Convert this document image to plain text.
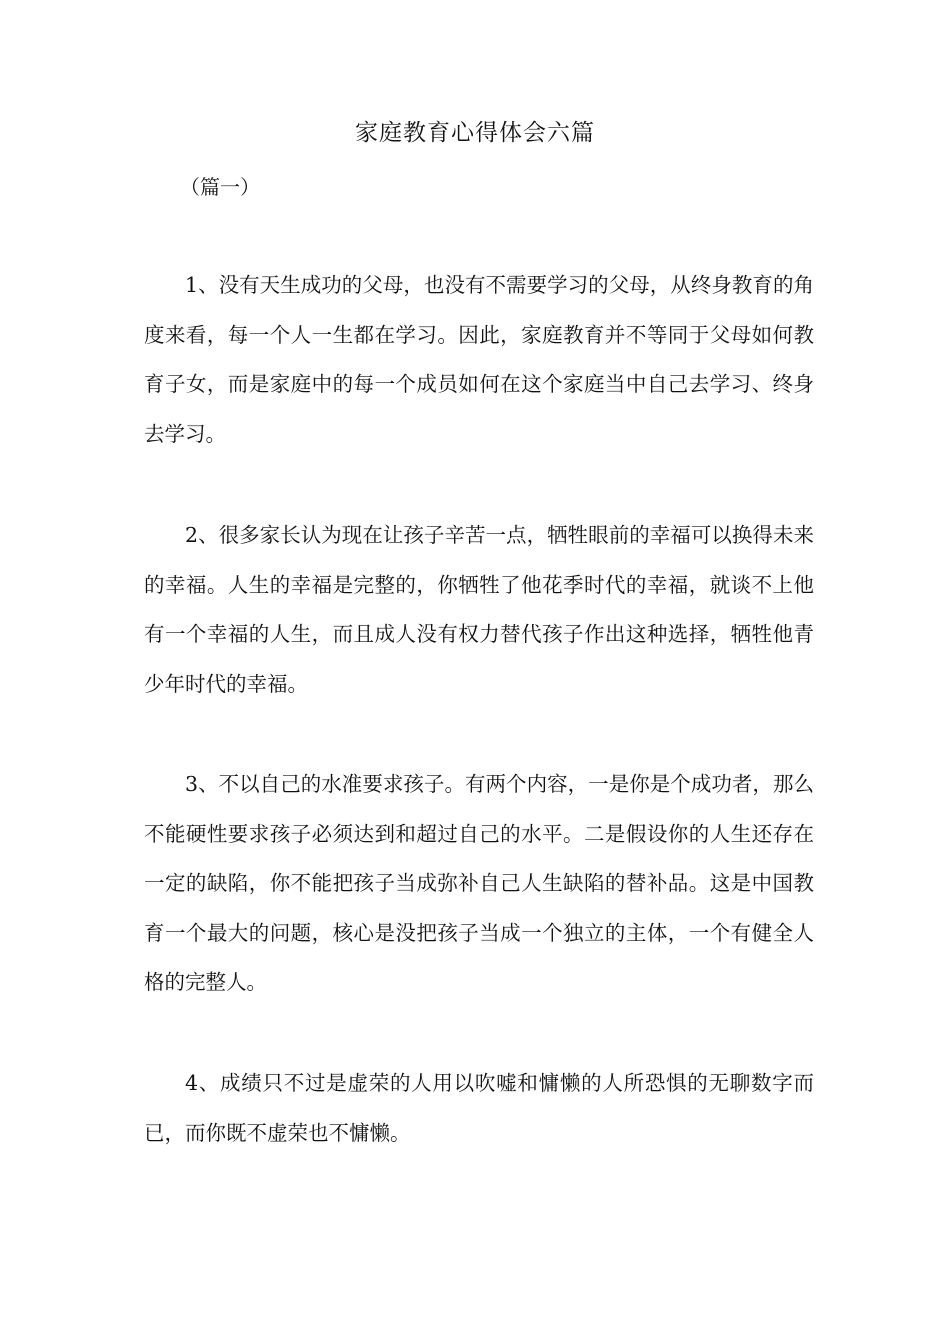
家庭教育心得体会六篇
（篇一）

1、没有天生成功的父母，也没有不需要学习的父母，从终身教育的角度来看，每一个人一生都在学习。因此，家庭教育并不等同于父母如何教育子女，而是家庭中的每一个成员如何在这个家庭当中自己去学习、终身去学习。

2、很多家长认为现在让孩子辛苦一点，牺牲眼前的幸福可以换得未来的幸福。人生的幸福是完整的，你牺牲了他花季时代的幸福，就谈不上他有一个幸福的人生，而且成人没有权力替代孩子作出这种选择，牺牲他青少年时代的幸福。

3、不以自己的水准要求孩子。有两个内容，一是你是个成功者，那么不能硬性要求孩子必须达到和超过自己的水平。二是假设你的人生还存在一定的缺陷，你不能把孩子当成弥补自己人生缺陷的替补品。这是中国教育一个最大的问题，核心是没把孩子当成一个独立的主体，一个有健全人格的完整人。

4、成绩只不过是虚荣的人用以吹嘘和慵懒的人所恐惧的无聊数字而已，而你既不虚荣也不慵懒。
